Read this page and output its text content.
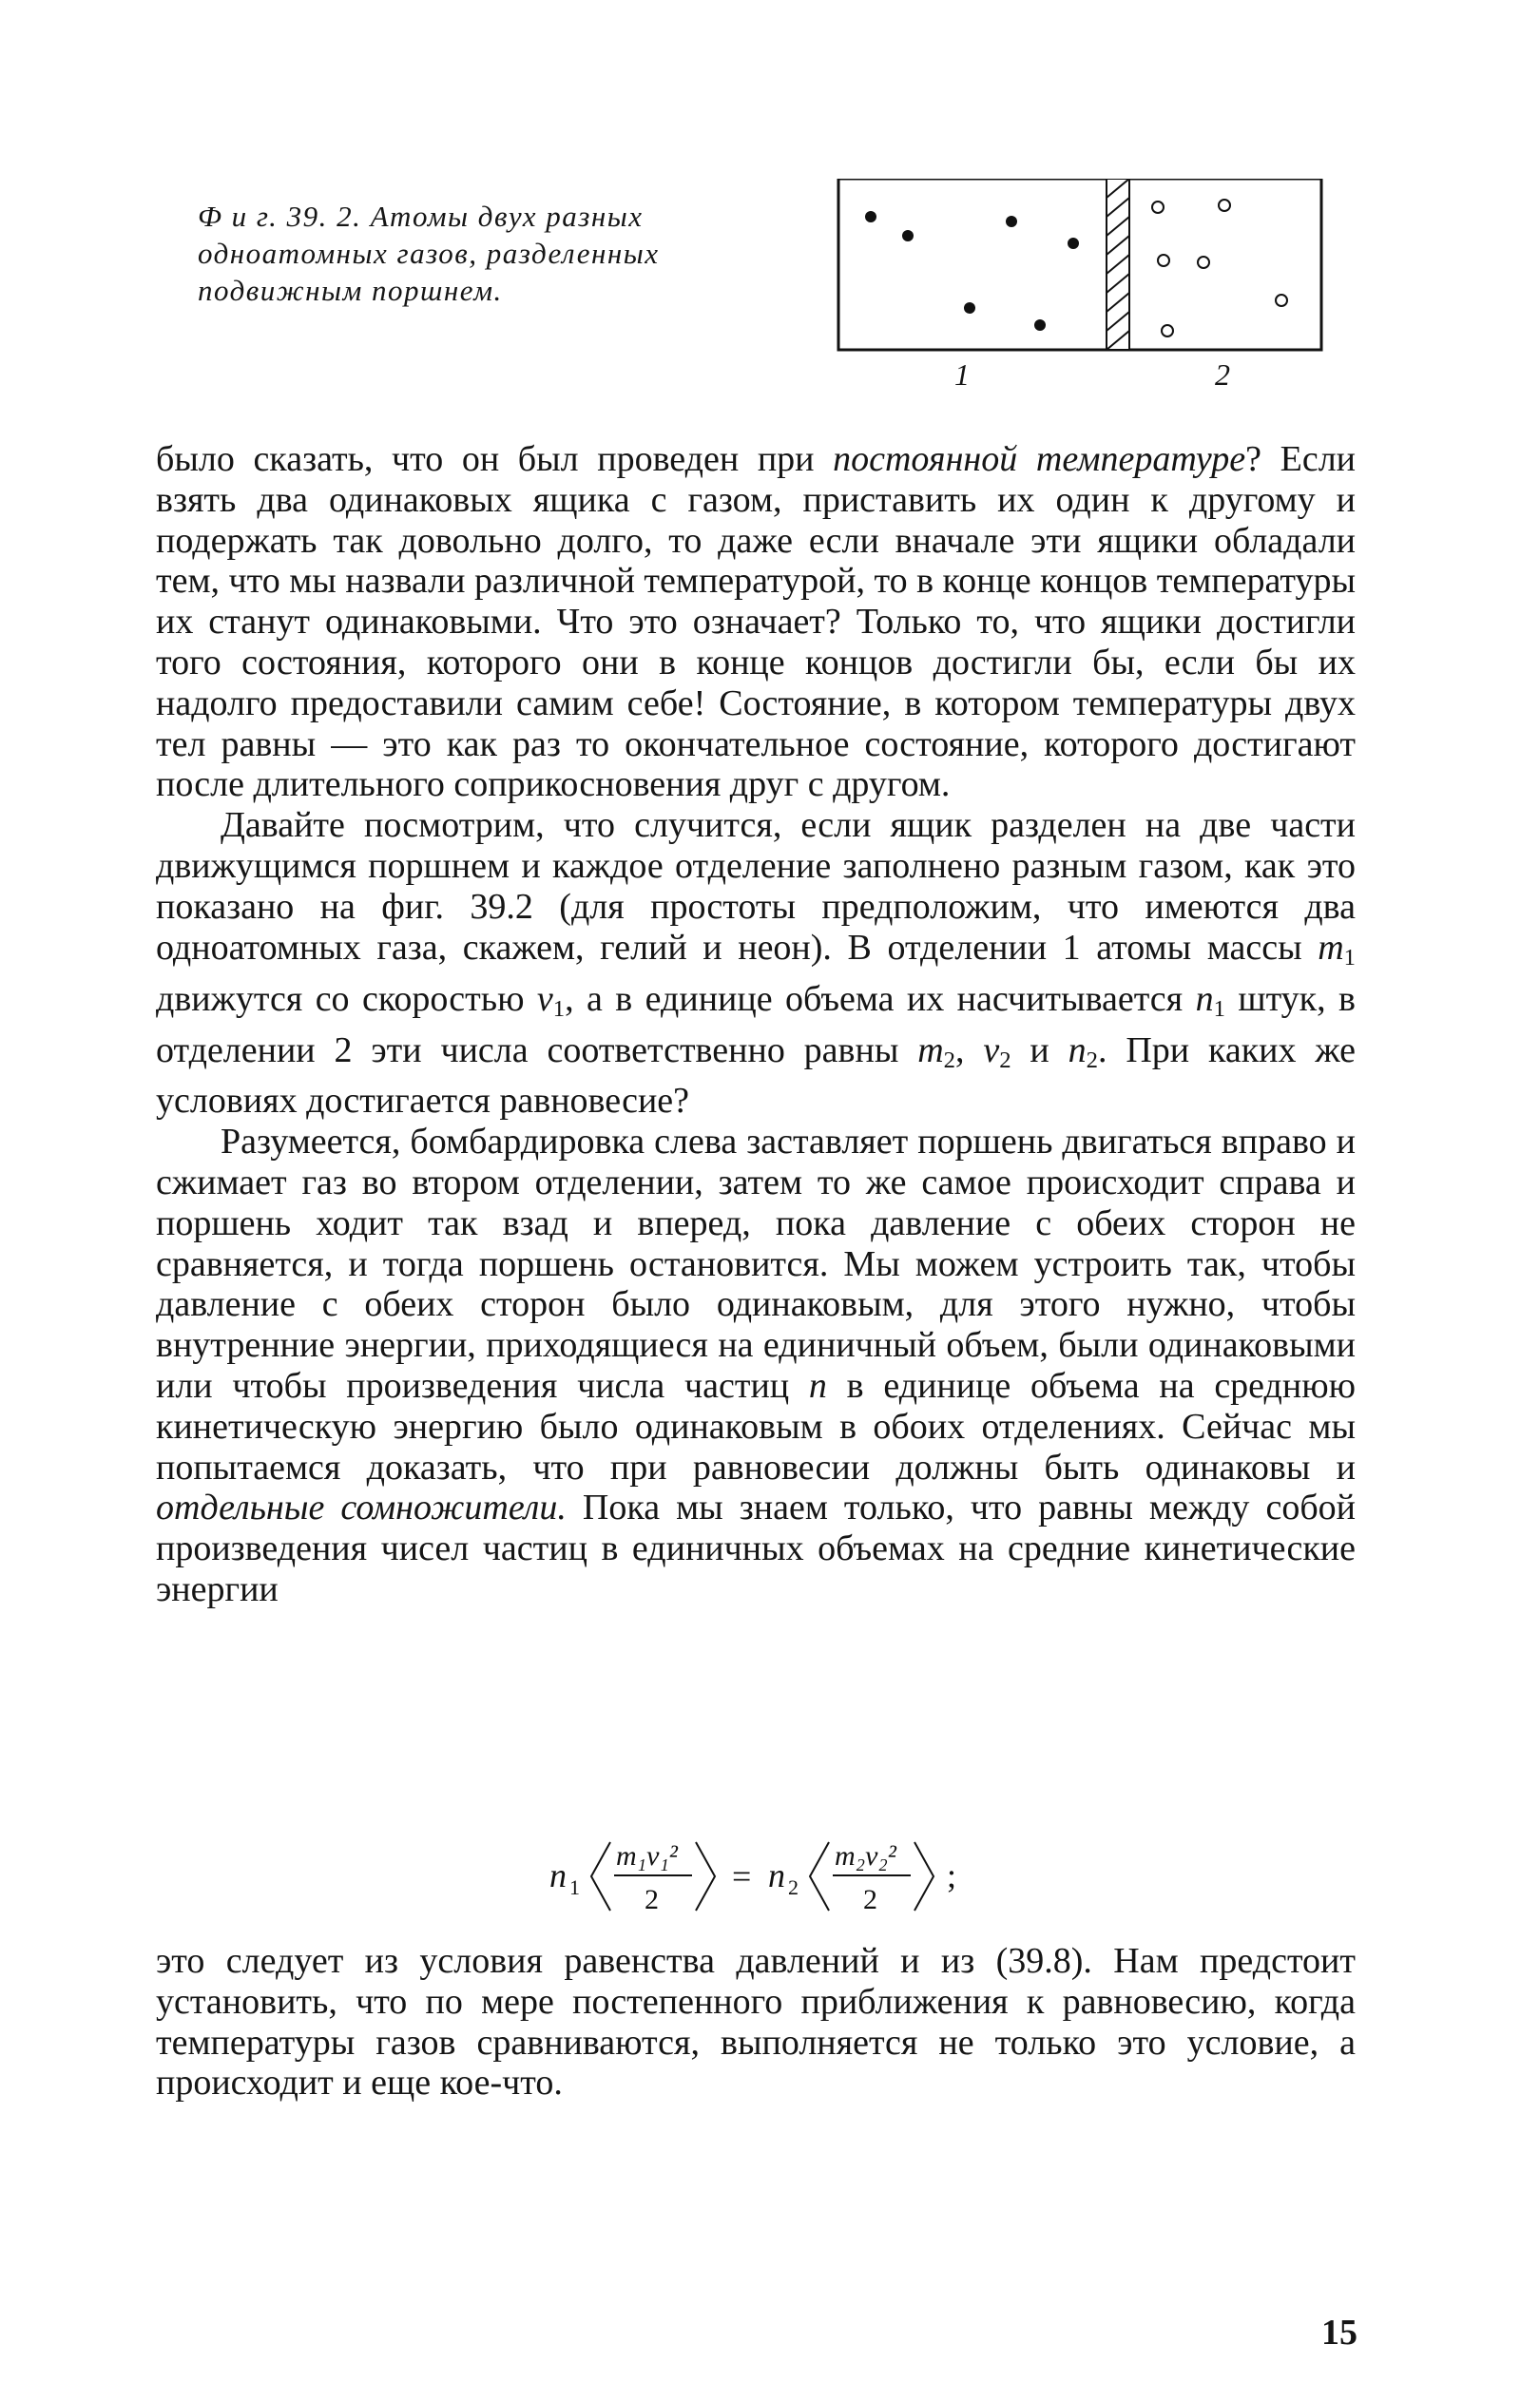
Ф и г. 39. 2. Атомы двух разных
одноатомных газов, разделенных
подвижным поршнем.
1	2

было сказать, что он был проведен при постоянной температуре? Если взять два одинаковых ящика с газом, приставить их один к другому и подержать так довольно долго, то даже если вначале эти ящики обладали тем, что мы назвали различной температурой, то в конце концов температуры их станут одинаковыми. Что это означает? Только то, что ящики достигли того состояния, которого они в конце концов достигли бы, если бы их надолго предоставили самим себе! Состояние, в котором температуры двух тел равны — это как раз то окончательное состояние, которого достигают после длительного соприкосновения друг с другом.

Давайте посмотрим, что случится, если ящик разделен на две части движущимся поршнем и каждое отделение заполнено разным газом, как это показано на фиг. 39.2 (для простоты предположим, что имеются два одноатомных газа, скажем, гелий и неон). В отделении 1 атомы массы $m_1$ движутся со скоростью $v_1$, а в единице объема их насчитывается $n_1$ штук, в отделении 2 эти числа соответственно равны $m_2$, $v_2$ и $n_2$. При каких же условиях достигается равновесие?

Разумеется, бомбардировка слева заставляет поршень двигаться вправо и сжимает газ во втором отделении, затем то же самое происходит справа и поршень ходит так взад и вперед, пока давление с обеих сторон не сравняется, и тогда поршень остановится. Мы можем устроить так, чтобы давление с обеих сторон было одинаковым, для этого нужно, чтобы внутренние энергии, приходящиеся на единичный объем, были одинаковыми или чтобы произведения числа частиц n в единице объема на среднюю кинетическую энергию было одинаковым в обоих отделениях. Сейчас мы попытаемся доказать, что при равновесии должны быть одинаковы и отдельные сомножители. Пока мы знаем только, что равны между собой произведения чисел частиц в единичных объемах на средние кинетические энергии

n 1
m₁v₁²
2
= n 2
m₂v₂²
2
;

это следует из условия равенства давлений и из (39.8). Нам предстоит установить, что по мере постепенного приближения к равновесию, когда температуры газов сравниваются, выполняется не только это условие, а происходит и еще кое-что.

15
